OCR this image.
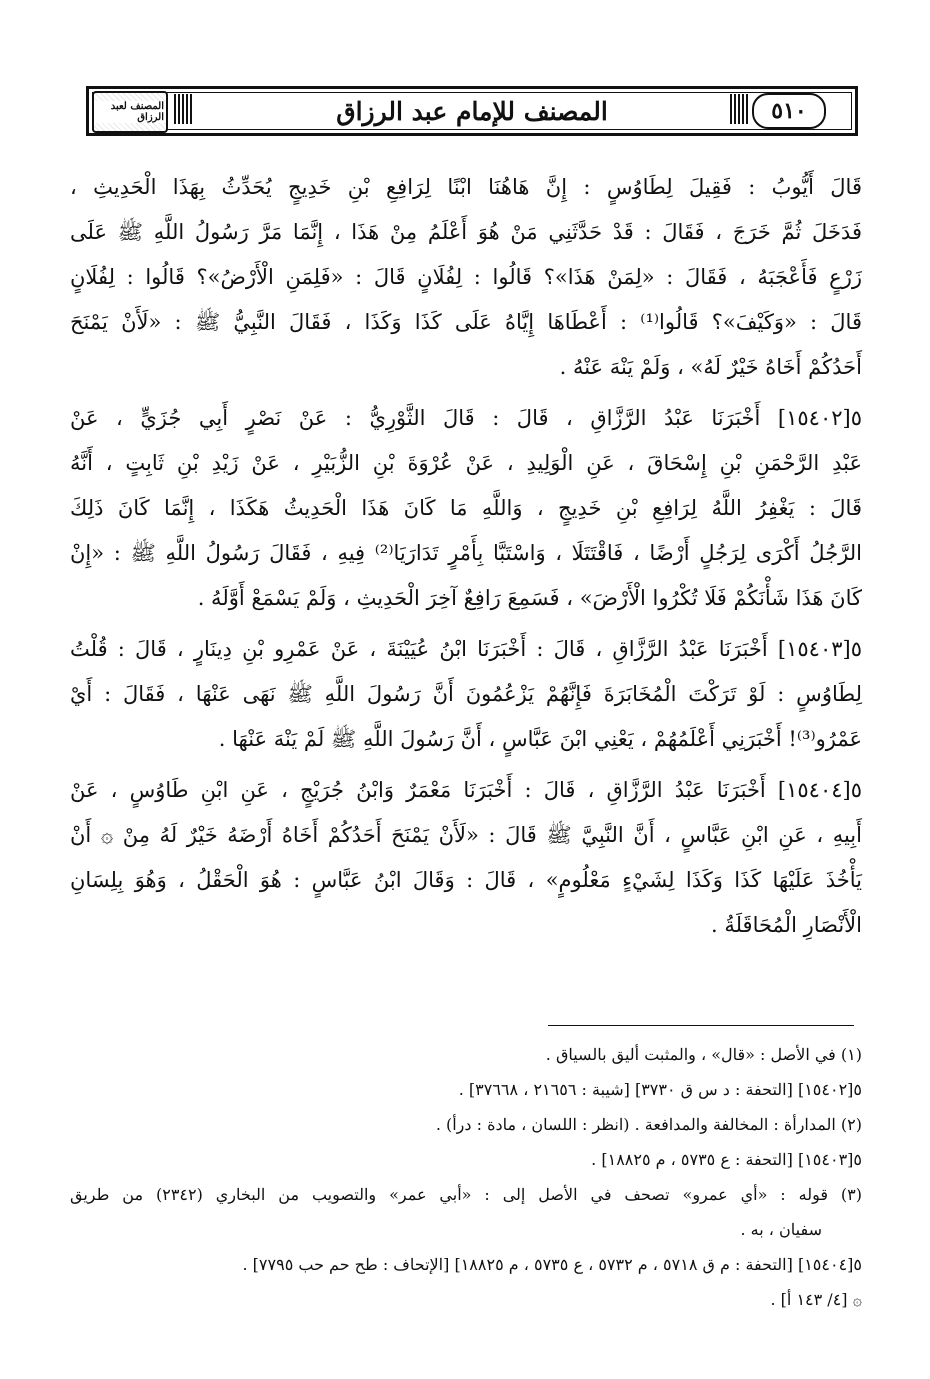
المصنف لعبد الرزاق	المصنف للإمام عبد الرزاق	٥١٠
قَالَ أَيُّوبُ : فَقِيلَ لِطَاوُسٍ : إِنَّ هَاهُنَا ابْنًا لِرَافِعِ بْنِ خَدِيجٍ يُحَدِّثُ بِهَذَا الْحَدِيثِ ،
فَدَخَلَ ثُمَّ خَرَجَ ، فَقَالَ : قَدْ حَدَّثَنِي مَنْ هُوَ أَعْلَمُ مِنْ هَذَا ، إِنَّمَا مَرَّ رَسُولُ اللَّهِ ﷺ عَلَى
زَرْعٍ فَأَعْجَبَهُ ، فَقَالَ : «لِمَنْ هَذَا»؟ قَالُوا : لِفُلَانٍ قَالَ : «فَلِمَنِ الْأَرْضُ»؟ قَالُوا : لِفُلَانٍ
قَالَ : «وَكَيْفَ»؟ قَالُوا⁽¹⁾ : أَعْطَاهَا إِيَّاهُ عَلَى كَذَا وَكَذَا ، فَقَالَ النَّبِيُّ ﷺ : «لَأَنْ يَمْنَحَ
أَحَدُكُمْ أَخَاهُ خَيْرٌ لَهُ» ، وَلَمْ يَنْهَ عَنْهُ .
٥[١٥٤٠٢] أَخْبَرَنَا عَبْدُ الرَّزَّاقِ ، قَالَ : قَالَ الثَّوْرِيُّ : عَنْ نَصْرٍ أَبِي جُزَيٍّ ، عَنْ
عَبْدِ الرَّحْمَنِ بْنِ إِسْحَاقَ ، عَنِ الْوَلِيدِ ، عَنْ عُرْوَةَ بْنِ الزُّبَيْرِ ، عَنْ زَيْدِ بْنِ ثَابِتٍ ، أَنَّهُ
قَالَ : يَغْفِرُ اللَّهُ لِرَافِعِ بْنِ خَدِيجٍ ، وَاللَّهِ مَا كَانَ هَذَا الْحَدِيثُ هَكَذَا ، إِنَّمَا كَانَ ذَلِكَ
الرَّجُلُ أَكْرَى لِرَجُلٍ أَرْضًا ، فَاقْتَتَلَا ، وَاسْتَبَّا بِأَمْرٍ تَدَارَيَا⁽²⁾ فِيهِ ، فَقَالَ رَسُولُ اللَّهِ ﷺ : «إِنْ
كَانَ هَذَا شَأْنَكُمْ فَلَا تُكْرُوا الْأَرْضَ» ، فَسَمِعَ رَافِعٌ آخِرَ الْحَدِيثِ ، وَلَمْ يَسْمَعْ أَوَّلَهُ .
٥[١٥٤٠٣] أَخْبَرَنَا عَبْدُ الرَّزَّاقِ ، قَالَ : أَخْبَرَنَا ابْنُ عُيَيْنَةَ ، عَنْ عَمْرِو بْنِ دِينَارٍ ، قَالَ : قُلْتُ
لِطَاوُسٍ : لَوْ تَرَكْتَ الْمُخَابَرَةَ فَإِنَّهُمْ يَزْعُمُونَ أَنَّ رَسُولَ اللَّهِ ﷺ نَهَى عَنْهَا ، فَقَالَ : أَيْ
عَمْرُو⁽³⁾! أَخْبَرَنِي أَعْلَمُهُمْ ، يَعْنِي ابْنَ عَبَّاسٍ ، أَنَّ رَسُولَ اللَّهِ ﷺ لَمْ يَنْهَ عَنْهَا .
٥[١٥٤٠٤] أَخْبَرَنَا عَبْدُ الرَّزَّاقِ ، قَالَ : أَخْبَرَنَا مَعْمَرٌ وَابْنُ جُرَيْجٍ ، عَنِ ابْنِ طَاوُسٍ ، عَنْ
أَبِيهِ ، عَنِ ابْنِ عَبَّاسٍ ، أَنَّ النَّبِيَّ ﷺ قَالَ : «لَأَنْ يَمْنَحَ أَحَدُكُمْ أَخَاهُ أَرْضَهُ خَيْرٌ لَهُ مِنْ ۞ أَنْ
يَأْخُذَ عَلَيْهَا كَذَا وَكَذَا لِشَيْءٍ مَعْلُومٍ» ، قَالَ : وَقَالَ ابْنُ عَبَّاسٍ : هُوَ الْحَقْلُ ، وَهُوَ بِلِسَانِ
الْأَنْصَارِ الْمُحَاقَلَةُ .
(١) في الأصل : «قال» ، والمثبت أليق بالسياق .
٥[١٥٤٠٢] [التحفة : د س ق ٣٧٣٠] [شيبة : ٢١٦٥٦ ، ٣٧٦٦٨] .
(٢) المدارأة : المخالفة والمدافعة . (انظر : اللسان ، مادة : درأ) .
٥[١٥٤٠٣] [التحفة : ع ٥٧٣٥ ، م ١٨٨٢٥] .
(٣) قوله : «أي عمرو» تصحف في الأصل إلى : «أبي عمر» والتصويب من البخاري (٢٣٤٢) من طريق
سفيان ، به .
٥[١٥٤٠٤] [التحفة : م ق ٥٧١٨ ، م ٥٧٣٢ ، ع ٥٧٣٥ ، م ١٨٨٢٥] [الإتحاف : طح حم حب ٧٧٩٥] .
۞ [٤/ ١٤٣ أ] .
